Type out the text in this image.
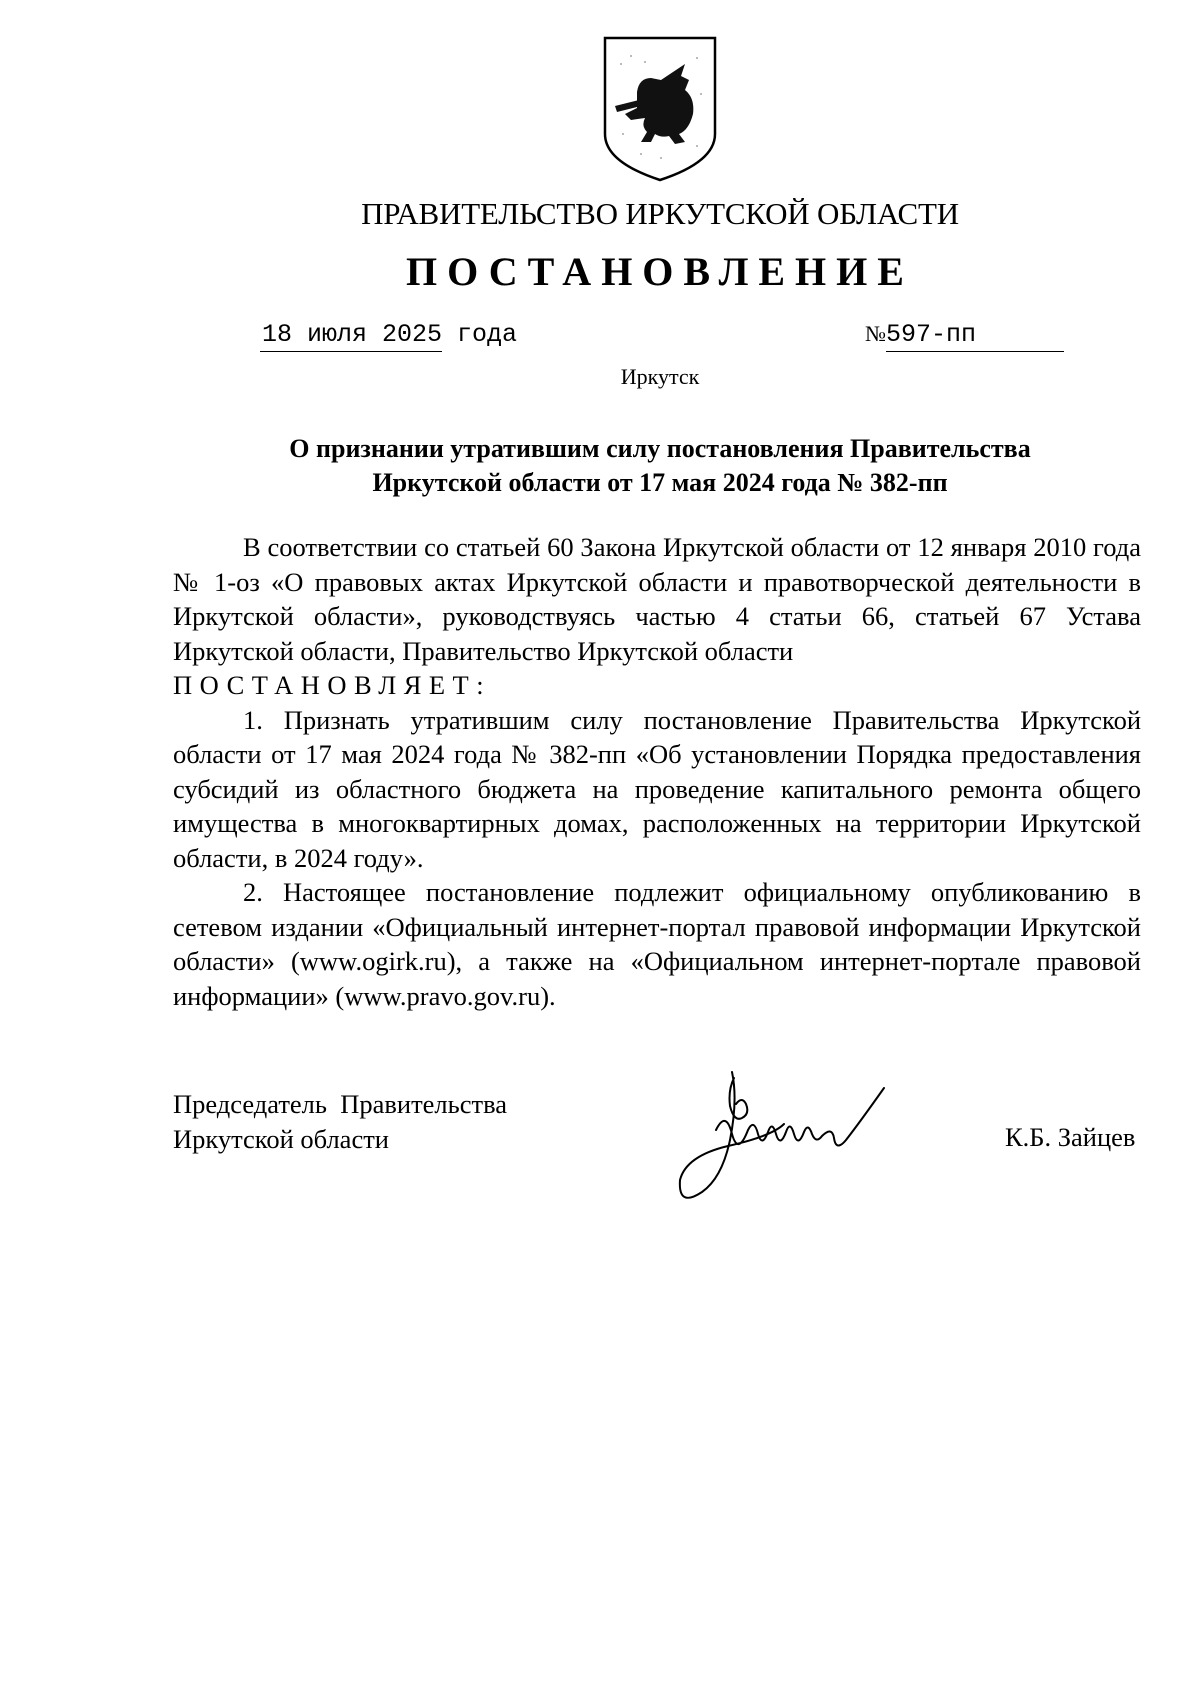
ПРАВИТЕЛЬСТВО ИРКУТСКОЙ ОБЛАСТИ
ПОСТАНОВЛЕНИЕ
18 июля 2025 года	№597-пп
Иркутск
О признании утратившим силу постановления Правительства
Иркутской области от 17 мая 2024 года № 382-пп

В соответствии со статьей 60 Закона Иркутской области от 12 января 2010 года № 1-оз «О правовых актах Иркутской области и правотворческой деятельности в Иркутской области», руководствуясь частью 4 статьи 66, статьей 67 Устава Иркутской области, Правительство Иркутской области

ПОСТАНОВЛЯЕТ:

1. Признать утратившим силу постановление Правительства Иркутской области от 17 мая 2024 года № 382-пп «Об установлении Порядка предоставления субсидий из областного бюджета на проведение капитального ремонта общего имущества в многоквартирных домах, расположенных на территории Иркутской области, в 2024 году».

2. Настоящее постановление подлежит официальному опубликованию в сетевом издании «Официальный интернет-портал правовой информации Иркутской области» (www.ogirk.ru), а также на «Официальном интернет-портале правовой информации» (www.pravo.gov.ru).

Председатель  Правительства
Иркутской области	К.Б. Зайцев
